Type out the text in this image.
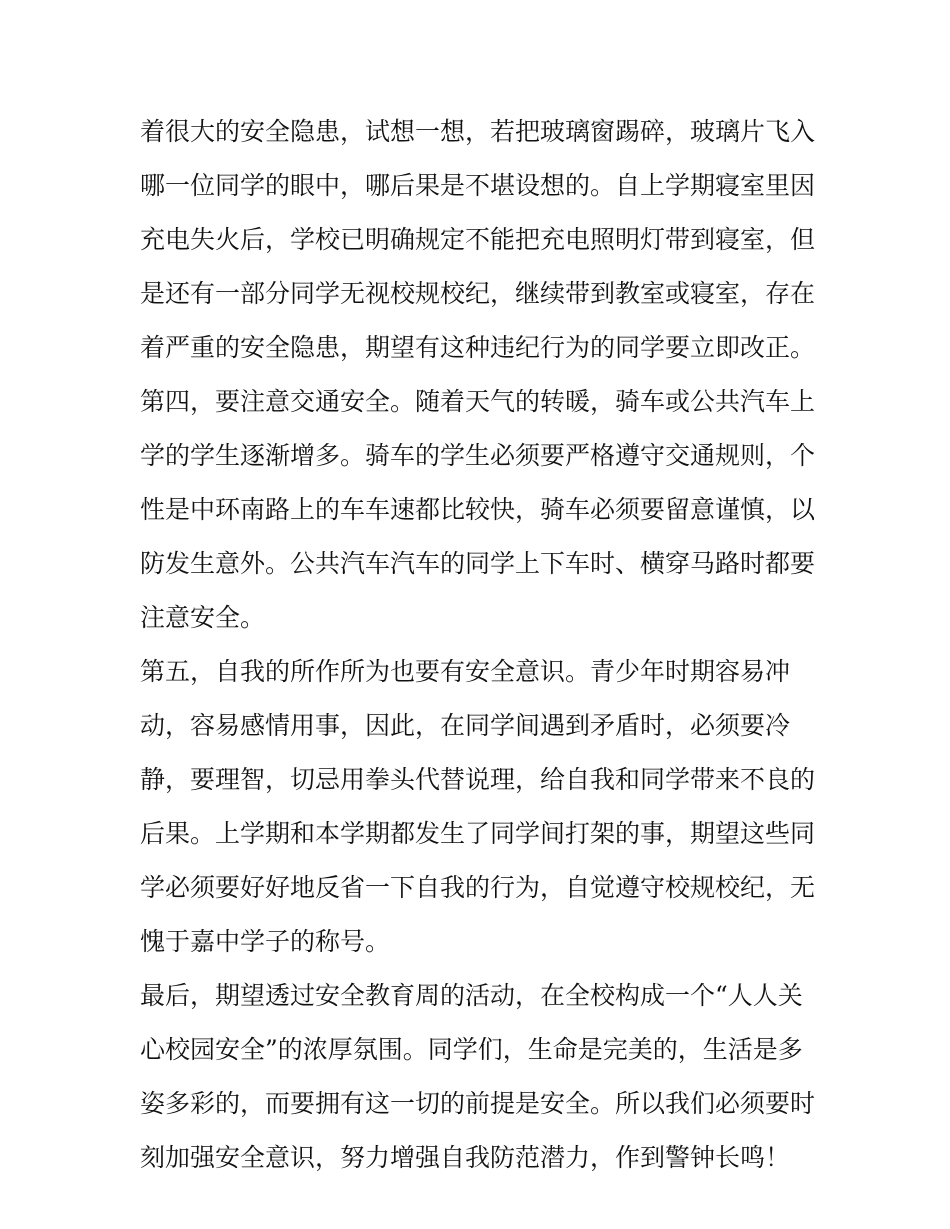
着很大的安全隐患，试想一想，若把玻璃窗踢碎，玻璃片飞入
哪一位同学的眼中，哪后果是不堪设想的。自上学期寝室里因
充电失火后，学校已明确规定不能把充电照明灯带到寝室，但
是还有一部分同学无视校规校纪，继续带到教室或寝室，存在
着严重的安全隐患，期望有这种违纪行为的同学要立即改正。
第四，要注意交通安全。随着天气的转暖，骑车或公共汽车上
学的学生逐渐增多。骑车的学生必须要严格遵守交通规则，个
性是中环南路上的车车速都比较快，骑车必须要留意谨慎，以
防发生意外。公共汽车汽车的同学上下车时、横穿马路时都要
注意安全。
第五，自我的所作所为也要有安全意识。青少年时期容易冲
动，容易感情用事，因此，在同学间遇到矛盾时，必须要冷
静，要理智，切忌用拳头代替说理，给自我和同学带来不良的
后果。上学期和本学期都发生了同学间打架的事，期望这些同
学必须要好好地反省一下自我的行为，自觉遵守校规校纪，无
愧于嘉中学子的称号。
最后，期望透过安全教育周的活动，在全校构成一个“人人关
心校园安全”的浓厚氛围。同学们，生命是完美的，生活是多
姿多彩的，而要拥有这一切的前提是安全。所以我们必须要时
刻加强安全意识，努力增强自我防范潜力，作到警钟长鸣！
